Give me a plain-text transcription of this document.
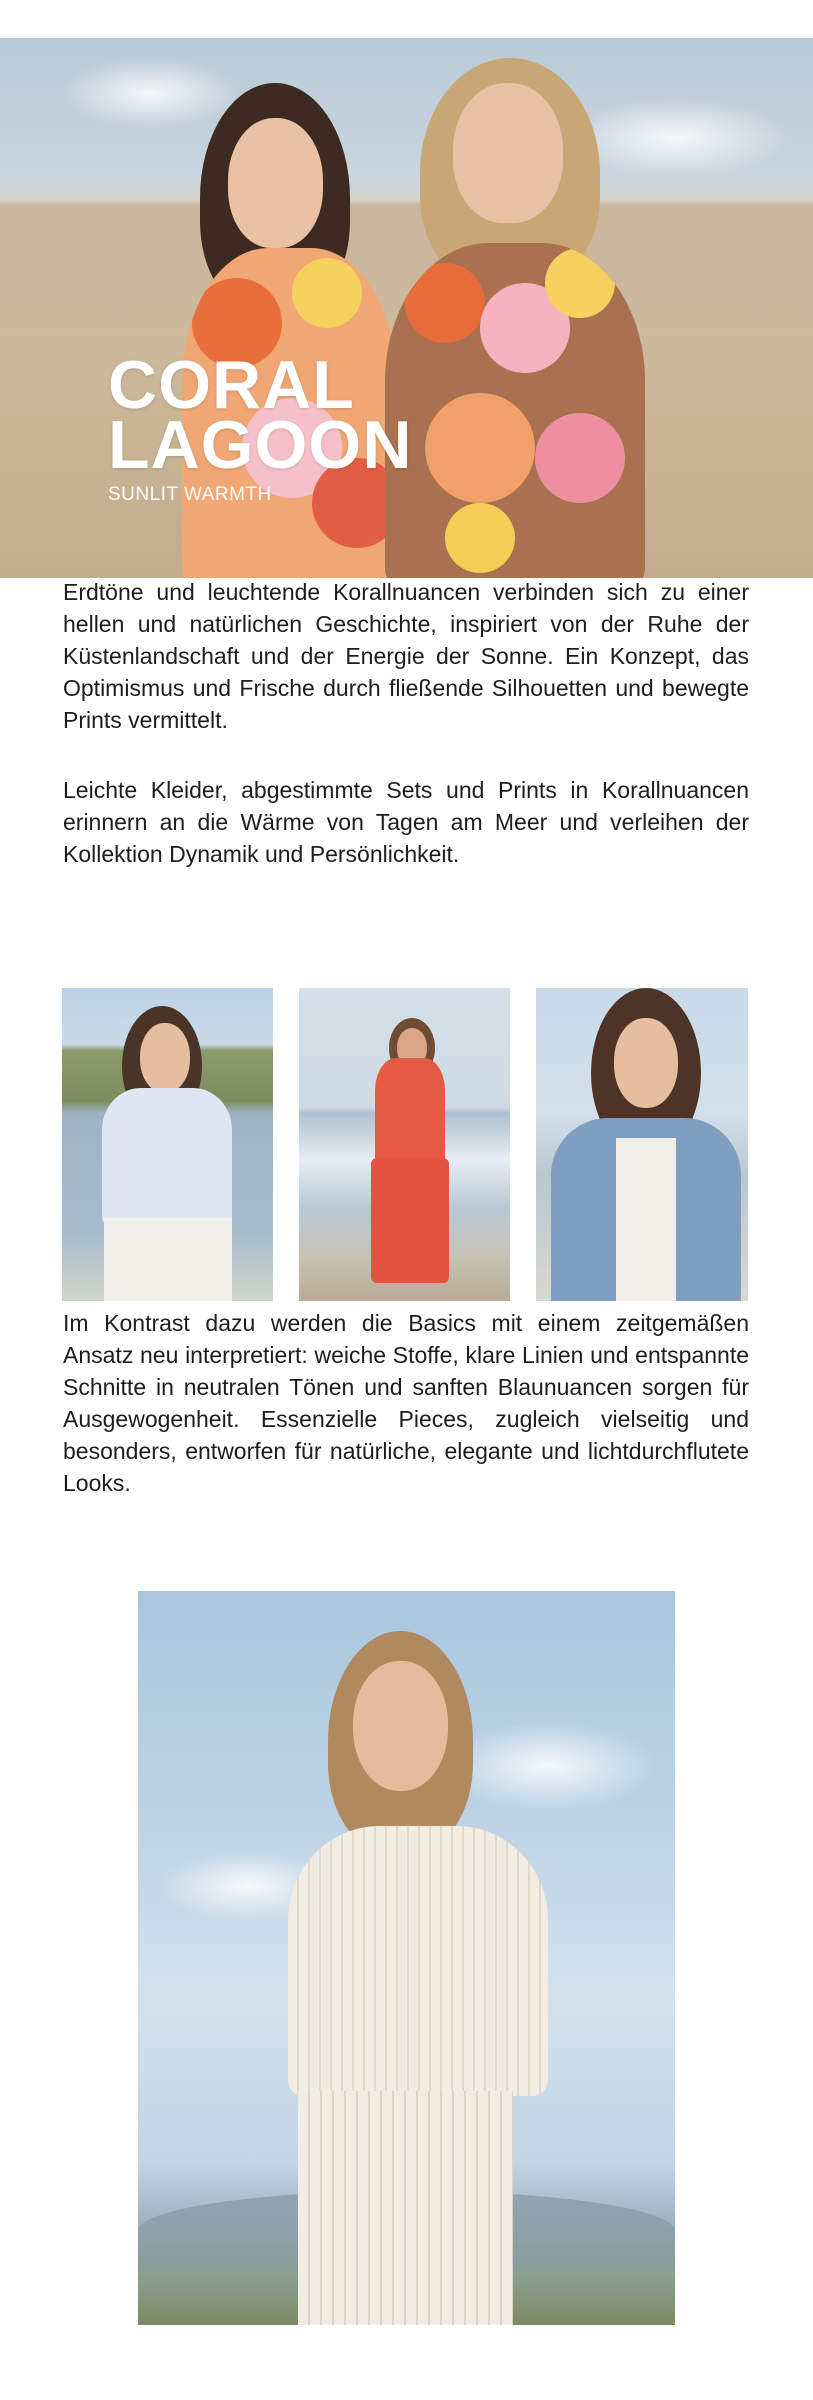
CORAL
LAGOON
SUNLIT WARMTH

Erdtöne und leuchtende Korallnuancen verbinden sich zu einer hellen und natürlichen Geschichte, inspiriert von der Ruhe der Küstenlandschaft und der Energie der Sonne. Ein Konzept, das Optimismus und Frische durch fließende Silhouetten und bewegte Prints vermittelt.

Leichte Kleider, abgestimmte Sets und Prints in Korallnuancen erinnern an die Wärme von Tagen am Meer und verleihen der Kollektion Dynamik und Persönlichkeit.

Im Kontrast dazu werden die Basics mit einem zeitgemäßen Ansatz neu interpretiert: weiche Stoffe, klare Linien und entspannte Schnitte in neutralen Tönen und sanften Blaunuancen sorgen für Ausgewogenheit. Essenzielle Pieces, zugleich vielseitig und besonders, entworfen für natürliche, elegante und lichtdurchflutete Looks.
